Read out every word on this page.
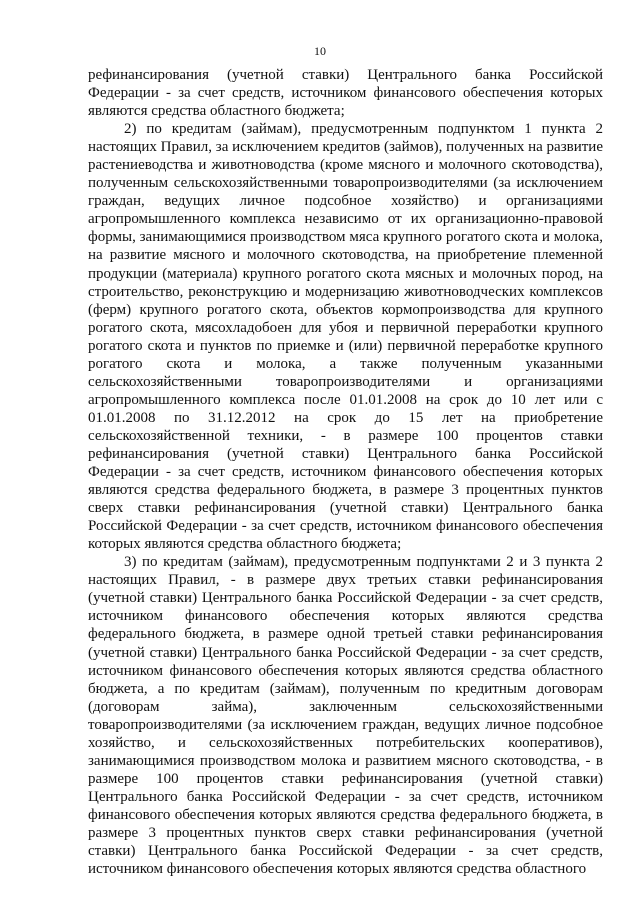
10

рефинансирования (учетной ставки) Центрального банка Российской Федерации - за счет средств, источником финансового обеспечения которых являются средства областного бюджета;

2) по кредитам (займам), предусмотренным подпунктом 1 пункта 2 настоящих Правил, за исключением кредитов (займов), полученных на развитие растениеводства и животноводства (кроме мясного и молочного скотоводства), полученным сельскохозяйственными товаропроизводителями (за исключением граждан, ведущих личное подсобное хозяйство) и организациями агропромышленного комплекса независимо от их организационно-правовой формы, занимающимися производством мяса крупного рогатого скота и молока, на развитие мясного и молочного скотоводства, на приобретение племенной продукции (материала) крупного рогатого скота мясных и молочных пород, на строительство, реконструкцию и модернизацию животноводческих комплексов (ферм) крупного рогатого скота, объектов кормопроизводства для крупного рогатого скота, мясохладобоен для убоя и первичной переработки крупного рогатого скота и пунктов по приемке и (или) первичной переработке крупного рогатого скота и молока, а также полученным указанными сельскохозяйственными товаропроизводителями и организациями агропромышленного комплекса после 01.01.2008 на срок до 10 лет или с 01.01.2008 по 31.12.2012 на срок до 15 лет на приобретение сельскохозяйственной техники, - в размере 100 процентов ставки рефинансирования (учетной ставки) Центрального банка Российской Федерации - за счет средств, источником финансового обеспечения которых являются средства федерального бюджета, в размере 3 процентных пунктов сверх ставки рефинансирования (учетной ставки) Центрального банка Российской Федерации - за счет средств, источником финансового обеспечения которых являются средства областного бюджета;

3) по кредитам (займам), предусмотренным подпунктами 2 и 3 пункта 2 настоящих Правил, - в размере двух третьих ставки рефинансирования (учетной ставки) Центрального банка Российской Федерации - за счет средств, источником финансового обеспечения которых являются средства федерального бюджета, в размере одной третьей ставки рефинансирования (учетной ставки) Центрального банка Российской Федерации - за счет средств, источником финансового обеспечения которых являются средства областного бюджета, а по кредитам (займам), полученным по кредитным договорам (договорам займа), заключенным сельскохозяйственными товаропроизводителями (за исключением граждан, ведущих личное подсобное хозяйство, и сельскохозяйственных потребительских кооперативов), занимающимися производством молока и развитием мясного скотоводства, - в размере 100 процентов ставки рефинансирования (учетной ставки) Центрального банка Российской Федерации - за счет средств, источником финансового обеспечения которых являются средства федерального бюджета, в размере 3 процентных пунктов сверх ставки рефинансирования (учетной ставки) Центрального банка Российской Федерации - за счет средств, источником финансового обеспечения которых являются средства областного
